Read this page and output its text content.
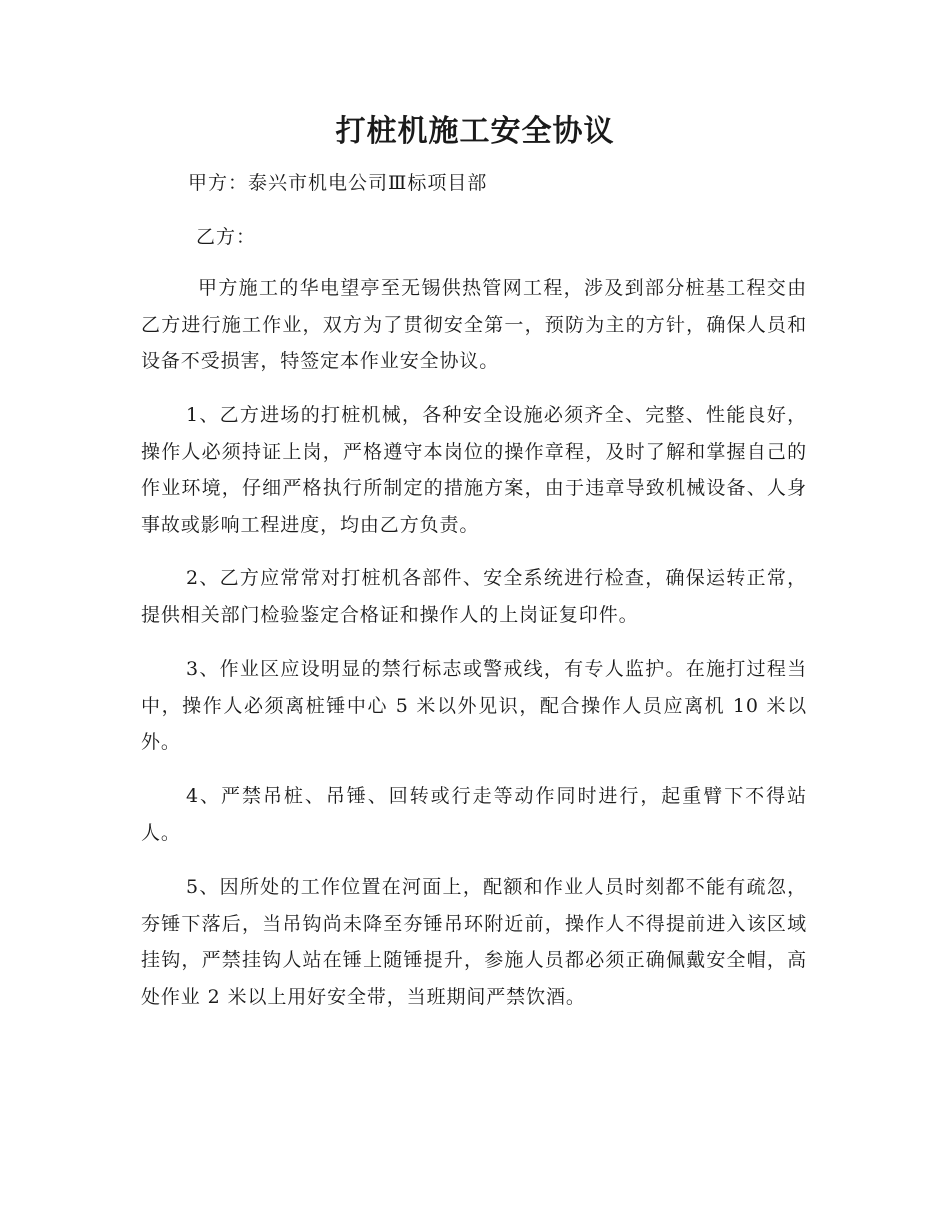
打桩机施工安全协议
甲方：泰兴市机电公司Ⅲ标项目部
乙方：
甲方施工的华电望亭至无锡供热管网工程，涉及到部分桩基工程交由乙方进行施工作业，双方为了贯彻安全第一，预防为主的方针，确保人员和设备不受损害，特签定本作业安全协议。
1、乙方进场的打桩机械，各种安全设施必须齐全、完整、性能良好，操作人必须持证上岗，严格遵守本岗位的操作章程，及时了解和掌握自己的作业环境，仔细严格执行所制定的措施方案，由于违章导致机械设备、人身事故或影响工程进度，均由乙方负责。
2、乙方应常常对打桩机各部件、安全系统进行检查，确保运转正常，提供相关部门检验鉴定合格证和操作人的上岗证复印件。
3、作业区应设明显的禁行标志或警戒线，有专人监护。在施打过程当中，操作人必须离桩锤中心 5 米以外见识，配合操作人员应离机 10 米以外。
4、严禁吊桩、吊锤、回转或行走等动作同时进行，起重臂下不得站人。
5、因所处的工作位置在河面上，配额和作业人员时刻都不能有疏忽，夯锤下落后，当吊钩尚未降至夯锤吊环附近前，操作人不得提前进入该区域挂钩，严禁挂钩人站在锤上随锤提升，参施人员都必须正确佩戴安全帽，高处作业 2 米以上用好安全带，当班期间严禁饮酒。
